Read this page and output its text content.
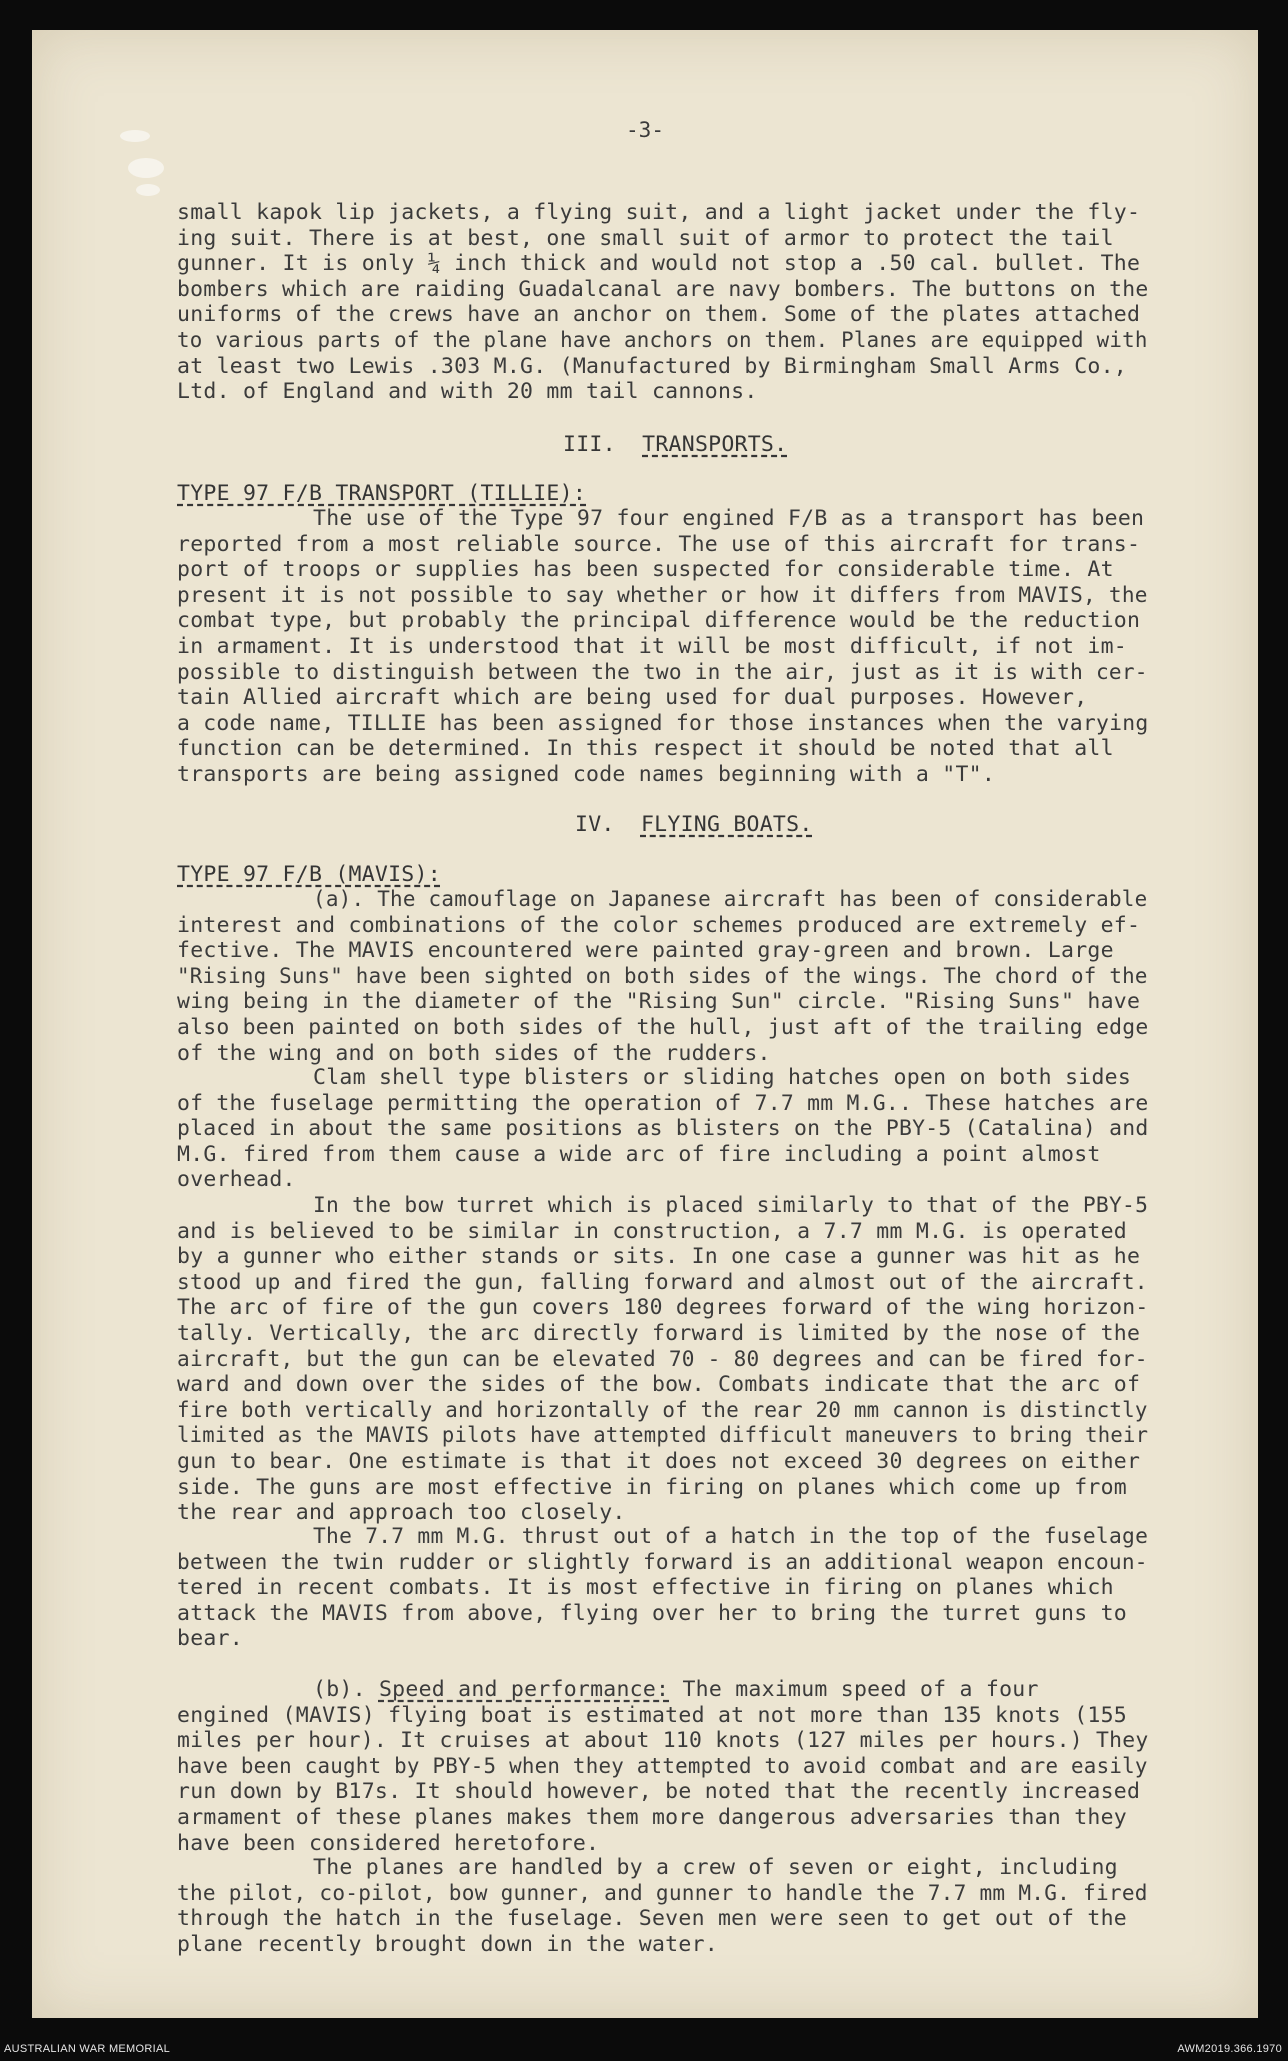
-3-
small kapok lip jackets, a flying suit, and a light jacket under the fly-
ing suit. There is at best, one small suit of armor to protect the tail
gunner. It is only ¼ inch thick and would not stop a .50 cal. bullet. The
bombers which are raiding Guadalcanal are navy bombers. The buttons on the
uniforms of the crews have an anchor on them. Some of the plates attached
to various parts of the plane have anchors on them. Planes are equipped with
at least two Lewis .303 M.G. (Manufactured by Birmingham Small Arms Co.,
Ltd. of England and with 20 mm tail cannons.
III. TRANSPORTS.
TYPE 97 F/B TRANSPORT (TILLIE):
The use of the Type 97 four engined F/B as a transport has been
reported from a most reliable source. The use of this aircraft for trans-
port of troops or supplies has been suspected for considerable time. At
present it is not possible to say whether or how it differs from MAVIS, the
combat type, but probably the principal difference would be the reduction
in armament. It is understood that it will be most difficult, if not im-
possible to distinguish between the two in the air, just as it is with cer-
tain Allied aircraft which are being used for dual purposes. However,
a code name, TILLIE has been assigned for those instances when the varying
function can be determined. In this respect it should be noted that all
transports are being assigned code names beginning with a "T".
IV. FLYING BOATS.
TYPE 97 F/B (MAVIS):
(a). The camouflage on Japanese aircraft has been of considerable
interest and combinations of the color schemes produced are extremely ef-
fective. The MAVIS encountered were painted gray-green and brown. Large
"Rising Suns" have been sighted on both sides of the wings. The chord of the
wing being in the diameter of the "Rising Sun" circle. "Rising Suns" have
also been painted on both sides of the hull, just aft of the trailing edge
of the wing and on both sides of the rudders.
Clam shell type blisters or sliding hatches open on both sides
of the fuselage permitting the operation of 7.7 mm M.G.. These hatches are
placed in about the same positions as blisters on the PBY-5 (Catalina) and
M.G. fired from them cause a wide arc of fire including a point almost
overhead.
In the bow turret which is placed similarly to that of the PBY-5
and is believed to be similar in construction, a 7.7 mm M.G. is operated
by a gunner who either stands or sits. In one case a gunner was hit as he
stood up and fired the gun, falling forward and almost out of the aircraft.
The arc of fire of the gun covers 180 degrees forward of the wing horizon-
tally. Vertically, the arc directly forward is limited by the nose of the
aircraft, but the gun can be elevated 70 - 80 degrees and can be fired for-
ward and down over the sides of the bow. Combats indicate that the arc of
fire both vertically and horizontally of the rear 20 mm cannon is distinctly
limited as the MAVIS pilots have attempted difficult maneuvers to bring their
gun to bear. One estimate is that it does not exceed 30 degrees on either
side. The guns are most effective in firing on planes which come up from
the rear and approach too closely.
The 7.7 mm M.G. thrust out of a hatch in the top of the fuselage
between the twin rudder or slightly forward is an additional weapon encoun-
tered in recent combats. It is most effective in firing on planes which
attack the MAVIS from above, flying over her to bring the turret guns to
bear.
(b). Speed and performance: The maximum speed of a four
engined (MAVIS) flying boat is estimated at not more than 135 knots (155
miles per hour). It cruises at about 110 knots (127 miles per hours.) They
have been caught by PBY-5 when they attempted to avoid combat and are easily
run down by B17s. It should however, be noted that the recently increased
armament of these planes makes them more dangerous adversaries than they
have been considered heretofore.
The planes are handled by a crew of seven or eight, including
the pilot, co-pilot, bow gunner, and gunner to handle the 7.7 mm M.G. fired
through the hatch in the fuselage. Seven men were seen to get out of the
plane recently brought down in the water.
AUSTRALIAN WAR MEMORIAL	AWM2019.366.1970
